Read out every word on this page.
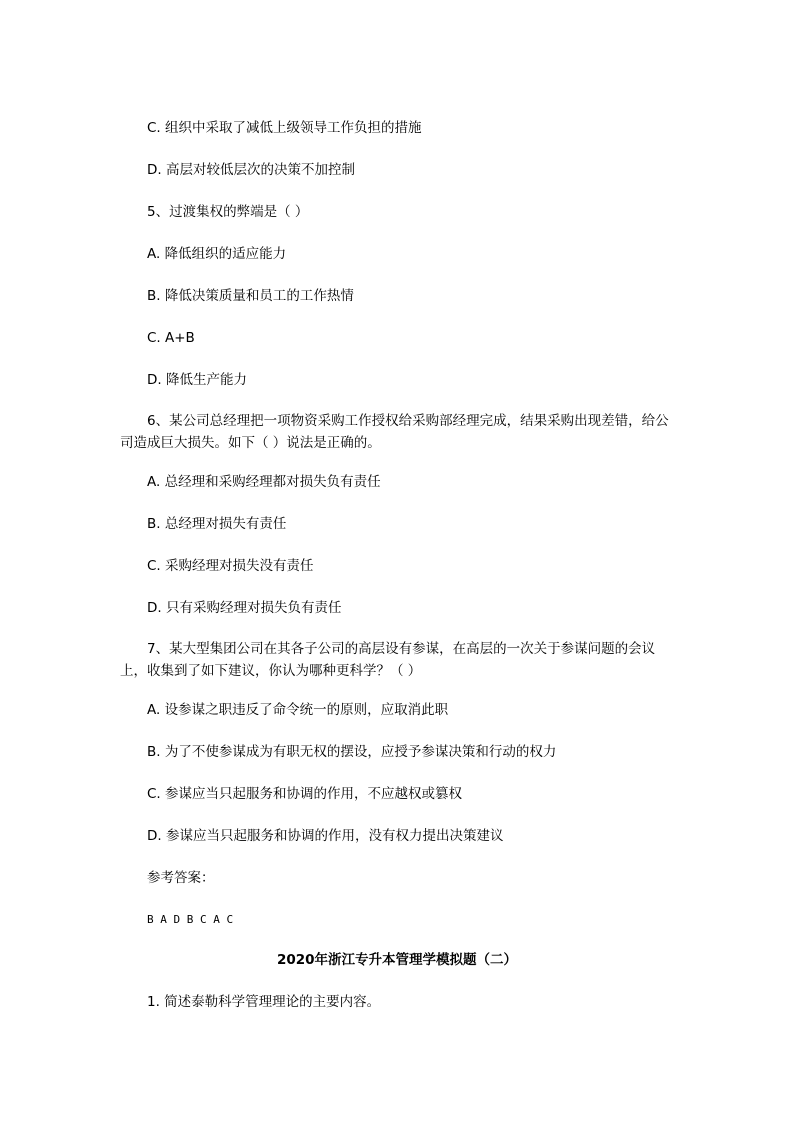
C. 组织中采取了减低上级领导工作负担的措施
D. 高层对较低层次的决策不加控制
5、过渡集权的弊端是（ ）
A. 降低组织的适应能力
B. 降低决策质量和员工的工作热情
C. A+B
D. 降低生产能力
6、某公司总经理把一项物资采购工作授权给采购部经理完成，结果采购出现差错，给公司造成巨大损失。如下（ ）说法是正确的。
A. 总经理和采购经理都对损失负有责任
B. 总经理对损失有责任
C. 采购经理对损失没有责任
D. 只有采购经理对损失负有责任
7、某大型集团公司在其各子公司的高层设有参谋，在高层的一次关于参谋问题的会议上，收集到了如下建议，你认为哪种更科学？（ ）
A. 设参谋之职违反了命令统一的原则，应取消此职
B. 为了不使参谋成为有职无权的摆设，应授予参谋决策和行动的权力
C. 参谋应当只起服务和协调的作用，不应越权或篡权
D. 参谋应当只起服务和协调的作用，没有权力提出决策建议
参考答案：
B A D B C A C
2020年浙江专升本管理学模拟题（二）
1. 简述泰勒科学管理理论的主要内容。
